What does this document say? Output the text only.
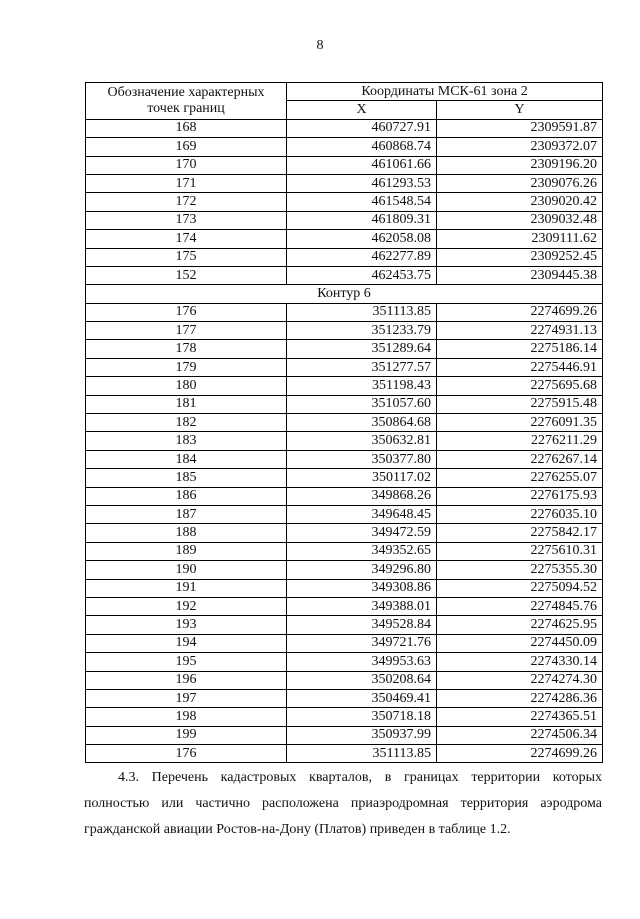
8
Обозначение характерных точек границ	Координаты МСК-61 зона 2	
	X	Y
168	460727.91	2309591.87
169	460868.74	2309372.07
170	461061.66	2309196.20
171	461293.53	2309076.26
172	461548.54	2309020.42
173	461809.31	2309032.48
174	462058.08	2309111.62
175	462277.89	2309252.45
152	462453.75	2309445.38
Контур 6		
176	351113.85	2274699.26
177	351233.79	2274931.13
178	351289.64	2275186.14
179	351277.57	2275446.91
180	351198.43	2275695.68
181	351057.60	2275915.48
182	350864.68	2276091.35
183	350632.81	2276211.29
184	350377.80	2276267.14
185	350117.02	2276255.07
186	349868.26	2276175.93
187	349648.45	2276035.10
188	349472.59	2275842.17
189	349352.65	2275610.31
190	349296.80	2275355.30
191	349308.86	2275094.52
192	349388.01	2274845.76
193	349528.84	2274625.95
194	349721.76	2274450.09
195	349953.63	2274330.14
196	350208.64	2274274.30
197	350469.41	2274286.36
198	350718.18	2274365.51
199	350937.99	2274506.34
176	351113.85	2274699.26
4.3. Перечень кадастровых кварталов, в границах территории которых полностью или частично расположена приаэродромная территория аэродрома гражданской авиации Ростов-на-Дону (Платов) приведен в таблице 1.2.
